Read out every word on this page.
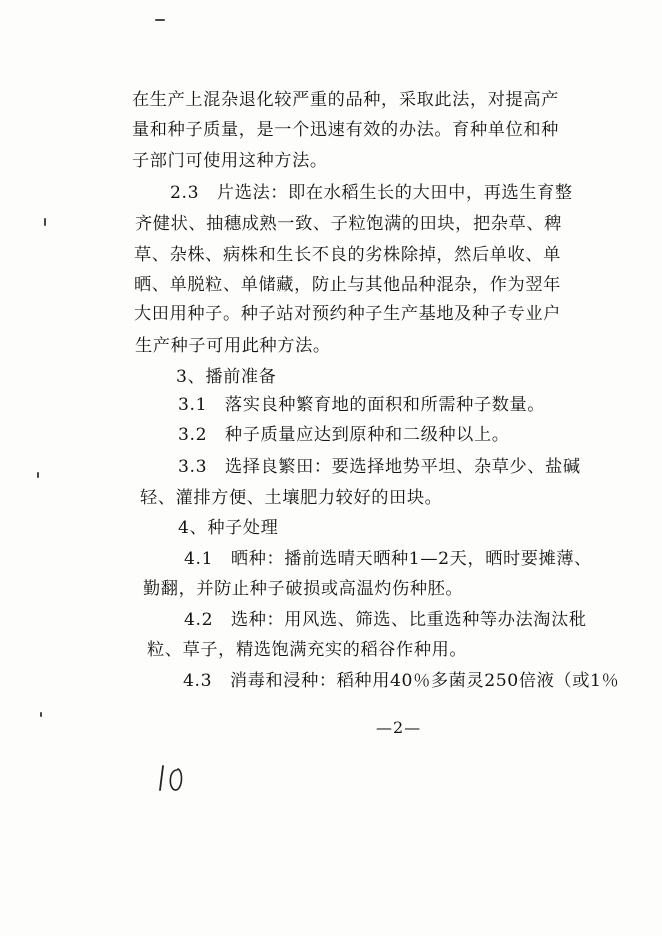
在生产上混杂退化较严重的品种，采取此法，对提高产
量和种子质量，是一个迅速有效的办法。育种单位和种
子部门可使用这种方法。
2.3　片选法：即在水稻生长的大田中，再选生育整
齐健状、抽穗成熟一致、子粒饱满的田块，把杂草、稗
草、杂株、病株和生长不良的劣株除掉，然后单收、单
晒、单脱粒、单储藏，防止与其他品种混杂，作为翌年
大田用种子。种子站对预约种子生产基地及种子专业户
生产种子可用此种方法。
3、播前准备
3.1　落实良种繁育地的面积和所需种子数量。
3.2　种子质量应达到原种和二级种以上。
3.3　选择良繁田：要选择地势平坦、杂草少、盐碱
轻、灌排方便、土壤肥力较好的田块。
4、种子处理
4.1　晒种：播前选晴天晒种1—2天，晒时要摊薄、
勤翻，并防止种子破损或高温灼伤种胚。
4.2　选种：用风选、筛选、比重选种等办法淘汰秕
粒、草子，精选饱满充实的稻谷作种用。
4.3　消毒和浸种：稻种用40％多菌灵250倍液（或1％
—2—
